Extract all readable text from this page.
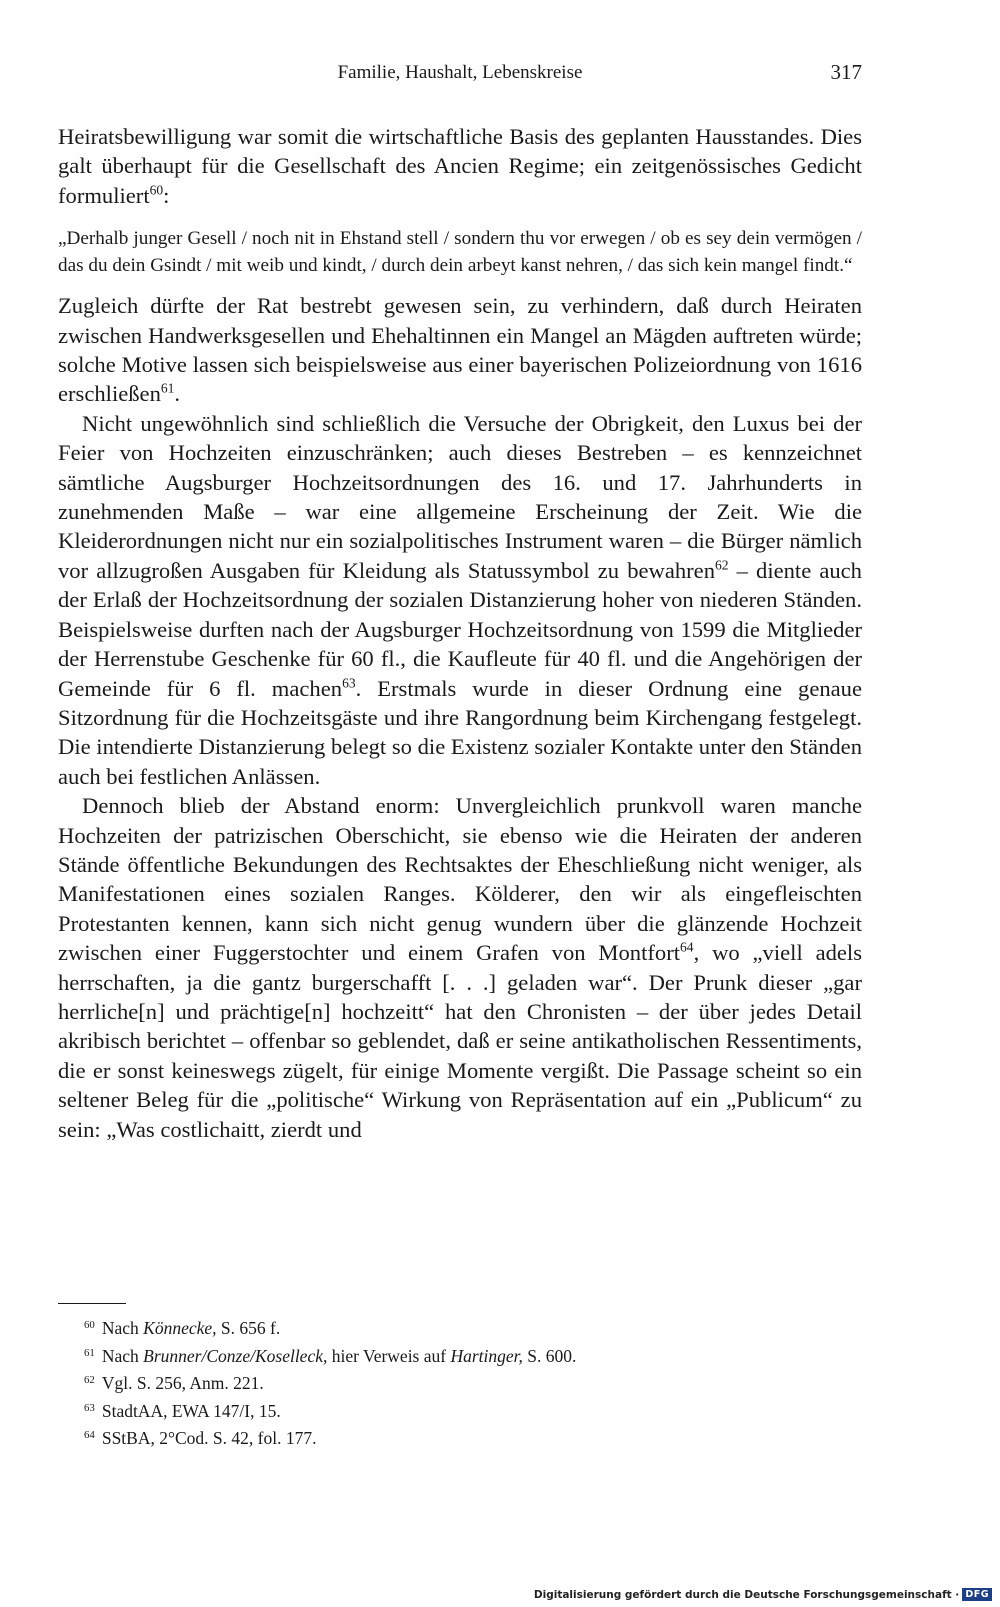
Familie, Haushalt, Lebenskreise	317

Heiratsbewilligung war somit die wirtschaftliche Basis des geplanten Hausstandes. Dies galt überhaupt für die Gesellschaft des Ancien Regime; ein zeitgenössisches Gedicht formuliert$^{60}$:

„Derhalb junger Gesell / noch nit in Ehstand stell / sondern thu vor erwegen / ob es sey dein vermögen / das du dein Gsindt / mit weib und kindt, / durch dein arbeyt kanst nehren, / das sich kein mangel findt.“

Zugleich dürfte der Rat bestrebt gewesen sein, zu verhindern, daß durch Heiraten zwischen Handwerksgesellen und Ehehaltinnen ein Mangel an Mägden auftreten würde; solche Motive lassen sich beispielsweise aus einer bayerischen Polizeiordnung von 1616 erschließen$^{61}$.

Nicht ungewöhnlich sind schließlich die Versuche der Obrigkeit, den Luxus bei der Feier von Hochzeiten einzuschränken; auch dieses Bestreben – es kennzeichnet sämtliche Augsburger Hochzeitsordnungen des 16. und 17. Jahrhunderts in zunehmenden Maße – war eine allgemeine Erscheinung der Zeit. Wie die Kleiderordnungen nicht nur ein sozialpolitisches Instrument waren – die Bürger nämlich vor allzugroßen Ausgaben für Kleidung als Statussymbol zu bewahren$^{62}$ – diente auch der Erlaß der Hochzeitsordnung der sozialen Distanzierung hoher von niederen Ständen. Beispielsweise durften nach der Augsburger Hochzeitsordnung von 1599 die Mitglieder der Herrenstube Geschenke für 60 fl., die Kaufleute für 40 fl. und die Angehörigen der Gemeinde für 6 fl. machen$^{63}$. Erstmals wurde in dieser Ordnung eine genaue Sitzordnung für die Hochzeitsgäste und ihre Rangordnung beim Kirchengang festgelegt. Die intendierte Distanzierung belegt so die Existenz sozialer Kontakte unter den Ständen auch bei festlichen Anlässen.

Dennoch blieb der Abstand enorm: Unvergleichlich prunkvoll waren manche Hochzeiten der patrizischen Oberschicht, sie ebenso wie die Heiraten der anderen Stände öffentliche Bekundungen des Rechtsaktes der Eheschließung nicht weniger, als Manifestationen eines sozialen Ranges. Kölderer, den wir als eingefleischten Protestanten kennen, kann sich nicht genug wundern über die glänzende Hochzeit zwischen einer Fuggerstochter und einem Grafen von Montfort$^{64}$, wo „viell adels herrschaften, ja die gantz burgerschafft [. . .] geladen war“. Der Prunk dieser „gar herrliche[n] und prächtige[n] hochzeitt“ hat den Chronisten – der über jedes Detail akribisch berichtet – offenbar so geblendet, daß er seine antikatholischen Ressentiments, die er sonst keineswegs zügelt, für einige Momente vergißt. Die Passage scheint so ein seltener Beleg für die „politische“ Wirkung von Repräsentation auf ein „Publicum“ zu sein: „Was costlichaitt, zierdt und

$^{60}$ Nach Könnecke, S. 656 f.
$^{61}$ Nach Brunner/Conze/Koselleck, hier Verweis auf Hartinger, S. 600.
$^{62}$ Vgl. S. 256, Anm. 221.
$^{63}$ StadtAA, EWA 147/I, 15.
$^{64}$ SStBA, 2°Cod. S. 42, fol. 177.
Digitalisierung gefördert durch die Deutsche Forschungsgemeinschaft · DFG
